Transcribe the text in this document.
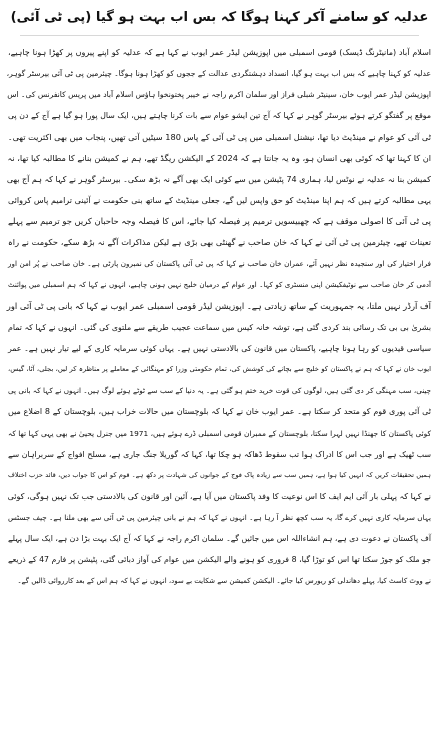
عدلیہ کو سامنے آکر کہنا ہوگا کہ بس اب بہت ہو گیا (پی ٹی آئی)
اسلام آباد (مانیٹرنگ ڈیسک) قومی اسمبلی میں اپوزیشن لیڈر عمر ایوب نے کہا ہے کہ عدلیہ کو اپنے پیروں پر کھڑا ہونا چاہیے،
عدلیہ کو کہنا چاہیے کہ بس اب بہت ہو گیا، انسداد دہشتگردی عدالت کے ججوں کو کھڑا ہونا ہوگا۔ چیئرمین پی ٹی آئی بیرسٹر گوہر،
اپوزیشن لیڈر عمر ایوب خان، سینیٹر شبلی فراز اور سلمان اکرم راجہ نے خیبر پختونخوا ہاؤس اسلام آباد میں پریس کانفرنس کی۔ اس
موقع پر گفتگو کرتے ہوئے بیرسٹر گوہر نے کہا کہ آج تین ایشو عوام سے بات کرنا چاہتے ہیں، ایک سال پورا ہو گیا ہے آج کے دن پی
ٹی آئی کو عوام نے مینڈیٹ دیا تھا، نیشنل اسمبلی میں پی ٹی آئی کے پاس 180 سیٹیں آتی تھیں، پنجاب میں بھی اکثریت تھی۔
ان کا کہنا تھا کہ کوئی بھی انسان ہو، وہ یہ جانتا ہے کہ 2024 کے الیکشن ریگڈ تھے، ہم نے کمیشن بنانے کا مطالبہ کیا تھا، نہ
کمیشن بنا نہ عدلیہ نے نوٹس لیا، ہماری 74 پٹیشن میں سے کوئی ایک بھی آگے نہ بڑھ سکی۔ بیرسٹر گوہر نے کہا کہ ہم آج بھی
یہی مطالبہ کرتے ہیں کہ ہم اپنا مینڈیٹ کو حق واپس لیں گے، جعلی مینڈیٹ کے ساتھ بنی حکومت نے آئینی ترامیم پاس کروائی
پی ٹی آئی کا اصولی موقف ہے کہ چھبیسویں ترمیم پر فیصلہ کیا جائے، اس کا فیصلہ وجہ حاحبان کریں جو ترمیم سے پہلے
تعینات تھے، چیئرمین پی ٹی آئی نے کہا کہ خان صاحب نے گھنٹی بھی بڑی ہے لیکن مذاکرات آگے نہ بڑھ سکے، حکومت نے راہ
فرار اختیار کی اور سنجیدہ نظر نہیں آئے، عمران خان صاحب نے کہا کہ پی ٹی آئی پاکستان کی نمبرون پارٹی ہے۔ خان صاحب نے پُر امن اور
آدمی کر خان صاحب سے نوٹیفکیشن اپنی منسٹری کو کہا۔ اور عوام کے درمیان خلیج نہیں ہونی چاہیے، انہوں نے کہا کہ ہم اسمبلی میں پوائنٹ
آف آرڈر نہیں ملتا، یہ جمہوریت کے ساتھ زیادتی ہے۔ اپوزیشن لیڈر قومی اسمبلی عمر ایوب نے کہا کہ بانی پی ٹی آئی اور
بشریٰ بی بی تک رسائی بند کردی گئی ہے، توشہ خانہ کیس میں سماعت عجیب طریقے سے ملتوی کی گئی۔ انہوں نے کہا کہ تمام
سیاسی قیدیوں کو رہا ہونا چاہیے، پاکستان میں قانون کی بالادستی نہیں ہے۔ یہاں کوئی سرمایہ کاری کے لیے تیار نہیں ہے۔ عمر
ایوب خان نے کہا کہ ہم نے پاکستان کو خلیج سے بچانے کی کوشش کی، تمام حکومتی وزرا کو مہنگائی کے معاملے پر مناظرہ کر لیں، بجلی، آٹا، گیس،
چینی، سب مہنگی کر دی گئی ہیں، لوگوں کی قوت خرید ختم ہو گئی ہے۔ یہ دنیا کے سب سے ٹوٹے ہوئے لوگ ہیں۔ انہوں نے کہا کہ بانی پی
ٹی آئی پوری قوم کو متحد کر سکتا ہے۔ عمر ایوب خان نے کہا کہ بلوچستان میں حالات خراب ہیں، بلوچستان کے 8 اضلاع میں
کوئی پاکستان کا جھنڈا نہیں لہرا سکتا، بلوچستان کے ممبران قومی اسمبلی ڈرے ہوئے ہیں، 1971 میں جنرل یحییٰ نے بھی یہی کہا تھا کہ
سب ٹھیک ہے اور جب اس کا ادراک ہوا تب سقوط ڈھاکہ ہو چکا تھا، کہا کہ گوریلا جنگ جاری ہے، مسلح افواج کے سربراہان سے
ہمیں تحقیقات کریں کہ انہیں کیا ہوا ہے، ہمیں سب سے زیادہ پاک فوج کے جوانوں کی شہادت پر دکھ ہے۔ قوم کو اس کا جواب دیں، قائد حزب اختلاف
نے کہا کہ پہلی بار آئی ایم ایف کا اس نوعیت کا وفد پاکستان میں آیا ہے، آئین اور قانون کی بالادستی جب تک نہیں ہوگی، کوئی
یہاں سرمایہ کاری نہیں کرے گا، یہ سب کچھ نظر آ رہا ہے۔ انہوں نے کہا کہ ہم نے بانی چیئرمین پی ٹی آئی سے بھی ملنا ہے۔ چیف جسٹس
آف پاکستان نے دعوت دی ہے، ہم انشاءاللہ اس میں جائیں گے۔ سلمان اکرم راجہ نے کہا کہ آج ایک بہت بڑا دن ہے، ایک سال پہلے
جو ملک کو جوڑ سکتا تھا اس کو توڑا گیا، 8 فروری کو ہونے والے الیکشن میں عوام کی آواز دبائی گئی، پٹیشن پر فارم 47 کے ذریعے
نے ووٹ کاسٹ کیا، پہلے دھاندلی کو ریورس کیا جائے۔ الیکشن کمیشن سے شکایت بے سود، انہوں نے کہا کہ ہم اس کے بعد کارروائی ڈالیں گے۔
